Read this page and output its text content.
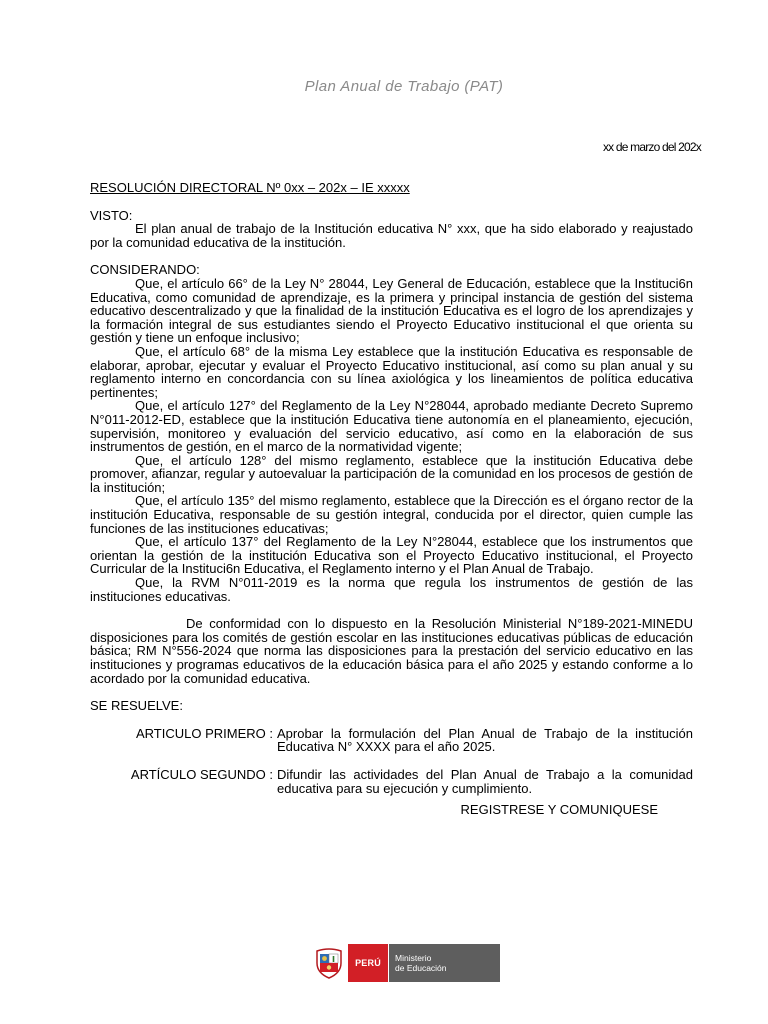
Plan Anual de Trabajo (PAT)
xx de marzo del 202x

RESOLUCIÓN DIRECTORAL Nº 0xx – 202x – IE xxxxx

VISTO:

El plan anual de trabajo de la Institución educativa N° xxx, que ha sido elaborado y reajustado por la comunidad educativa de la institución.

CONSIDERANDO:

Que, el artículo 66° de la Ley N° 28044, Ley General de Educación, establece que la Instituci6n Educativa, como comunidad de aprendizaje, es la primera y principal instancia de gestión del sistema educativo descentralizado y que la finalidad de la institución Educativa es el logro de los aprendizajes y la formación integral de sus estudiantes siendo el Proyecto Educativo institucional el que orienta su gestión y tiene un enfoque inclusivo;

Que, el artículo 68° de la misma Ley establece que la institución Educativa es responsable de elaborar, aprobar, ejecutar y evaluar el Proyecto Educativo institucional, así como su plan anual y su reglamento interno en concordancia con su línea axiológica y los lineamientos de política educativa pertinentes;

Que, el artículo 127° del Reglamento de la Ley N°28044, aprobado mediante Decreto Supremo N°011-2012-ED, establece que la institución Educativa tiene autonomía en el planeamiento, ejecución, supervisión, monitoreo y evaluación del servicio educativo, así como en la elaboración de sus instrumentos de gestión, en el marco de la normatividad vigente;

Que, el artículo 128° del mismo reglamento, establece que la institución Educativa debe promover, afianzar, regular y autoevaluar la participación de la comunidad en los procesos de gestión de la institución;

Que, el artículo 135° del mismo reglamento, establece que la Dirección es el órgano rector de la institución Educativa, responsable de su gestión integral, conducida por el director, quien cumple las funciones de las instituciones educativas;

Que, el artículo 137° del Reglamento de la Ley N°28044, establece que los instrumentos que orientan la gestión de la institución Educativa son el Proyecto Educativo institucional, el Proyecto Curricular de la Instituci6n Educativa, el Reglamento interno y el Plan Anual de Trabajo.

Que, la RVM N°011-2019 es la norma que regula los instrumentos de gestión de las instituciones educativas.

De conformidad con lo dispuesto en la Resolución Ministerial N°189-2021-MINEDU disposiciones para los comités de gestión escolar en las instituciones educativas públicas de educación básica; RM N°556-2024 que norma las disposiciones para la prestación del servicio educativo en las instituciones y programas educativos de la educación básica para el año 2025 y estando conforme a lo acordado por la comunidad educativa.

SE RESUELVE:

ARTICULO PRIMERO : Aprobar la formulación del Plan Anual de Trabajo de la institución Educativa N° XXXX para el año 2025.
ARTÍCULO SEGUNDO : Difundir las actividades del Plan Anual de Trabajo a la comunidad educativa para su ejecución y cumplimiento.

REGISTRESE Y COMUNIQUESE

PERÚ	Ministerio
de Educación
